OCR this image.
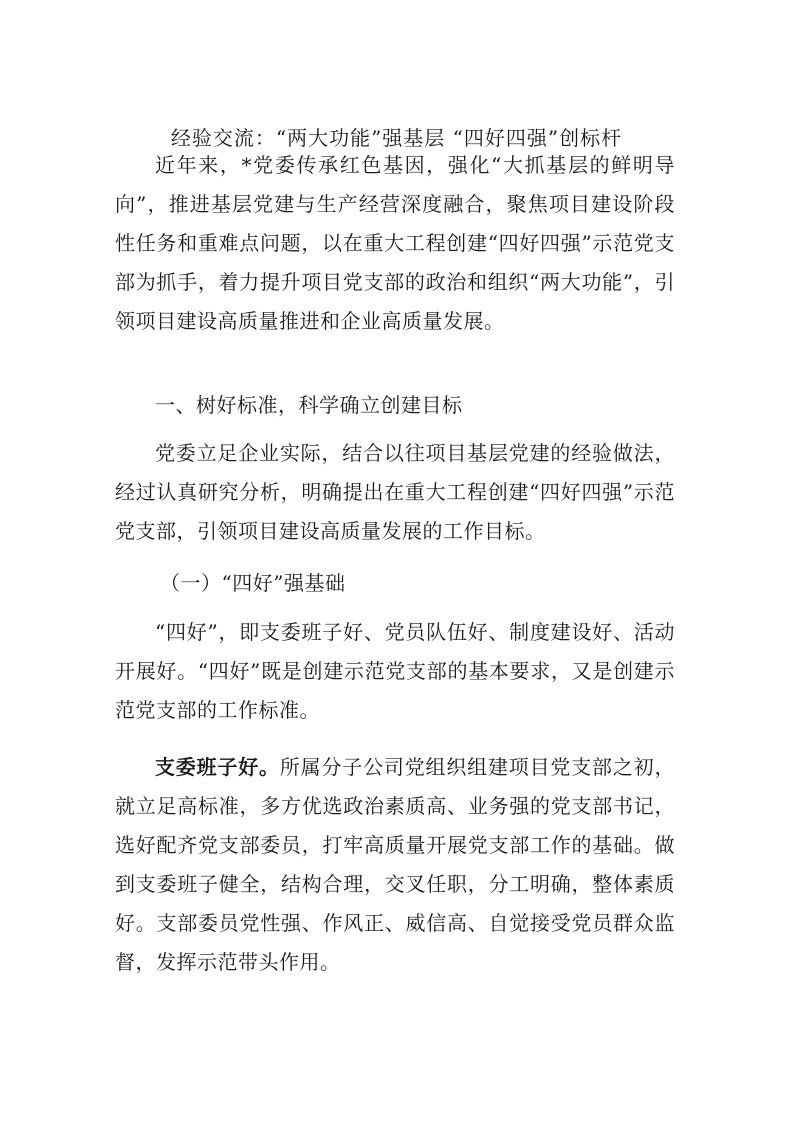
经验交流：“两大功能”强基层 “四好四强”创标杆

近年来，*党委传承红色基因，强化“大抓基层的鲜明导向”，推进基层党建与生产经营深度融合，聚焦项目建设阶段性任务和重难点问题，以在重大工程创建“四好四强”示范党支部为抓手，着力提升项目党支部的政治和组织“两大功能”，引领项目建设高质量推进和企业高质量发展。

一、树好标准，科学确立创建目标

党委立足企业实际，结合以往项目基层党建的经验做法，经过认真研究分析，明确提出在重大工程创建“四好四强”示范党支部，引领项目建设高质量发展的工作目标。

（一）“四好”强基础

“四好”，即支委班子好、党员队伍好、制度建设好、活动开展好。“四好”既是创建示范党支部的基本要求，又是创建示范党支部的工作标准。

支委班子好。所属分子公司党组织组建项目党支部之初，就立足高标准，多方优选政治素质高、业务强的党支部书记，选好配齐党支部委员，打牢高质量开展党支部工作的基础。做到支委班子健全，结构合理，交叉任职，分工明确，整体素质好。支部委员党性强、作风正、威信高、自觉接受党员群众监督，发挥示范带头作用。
